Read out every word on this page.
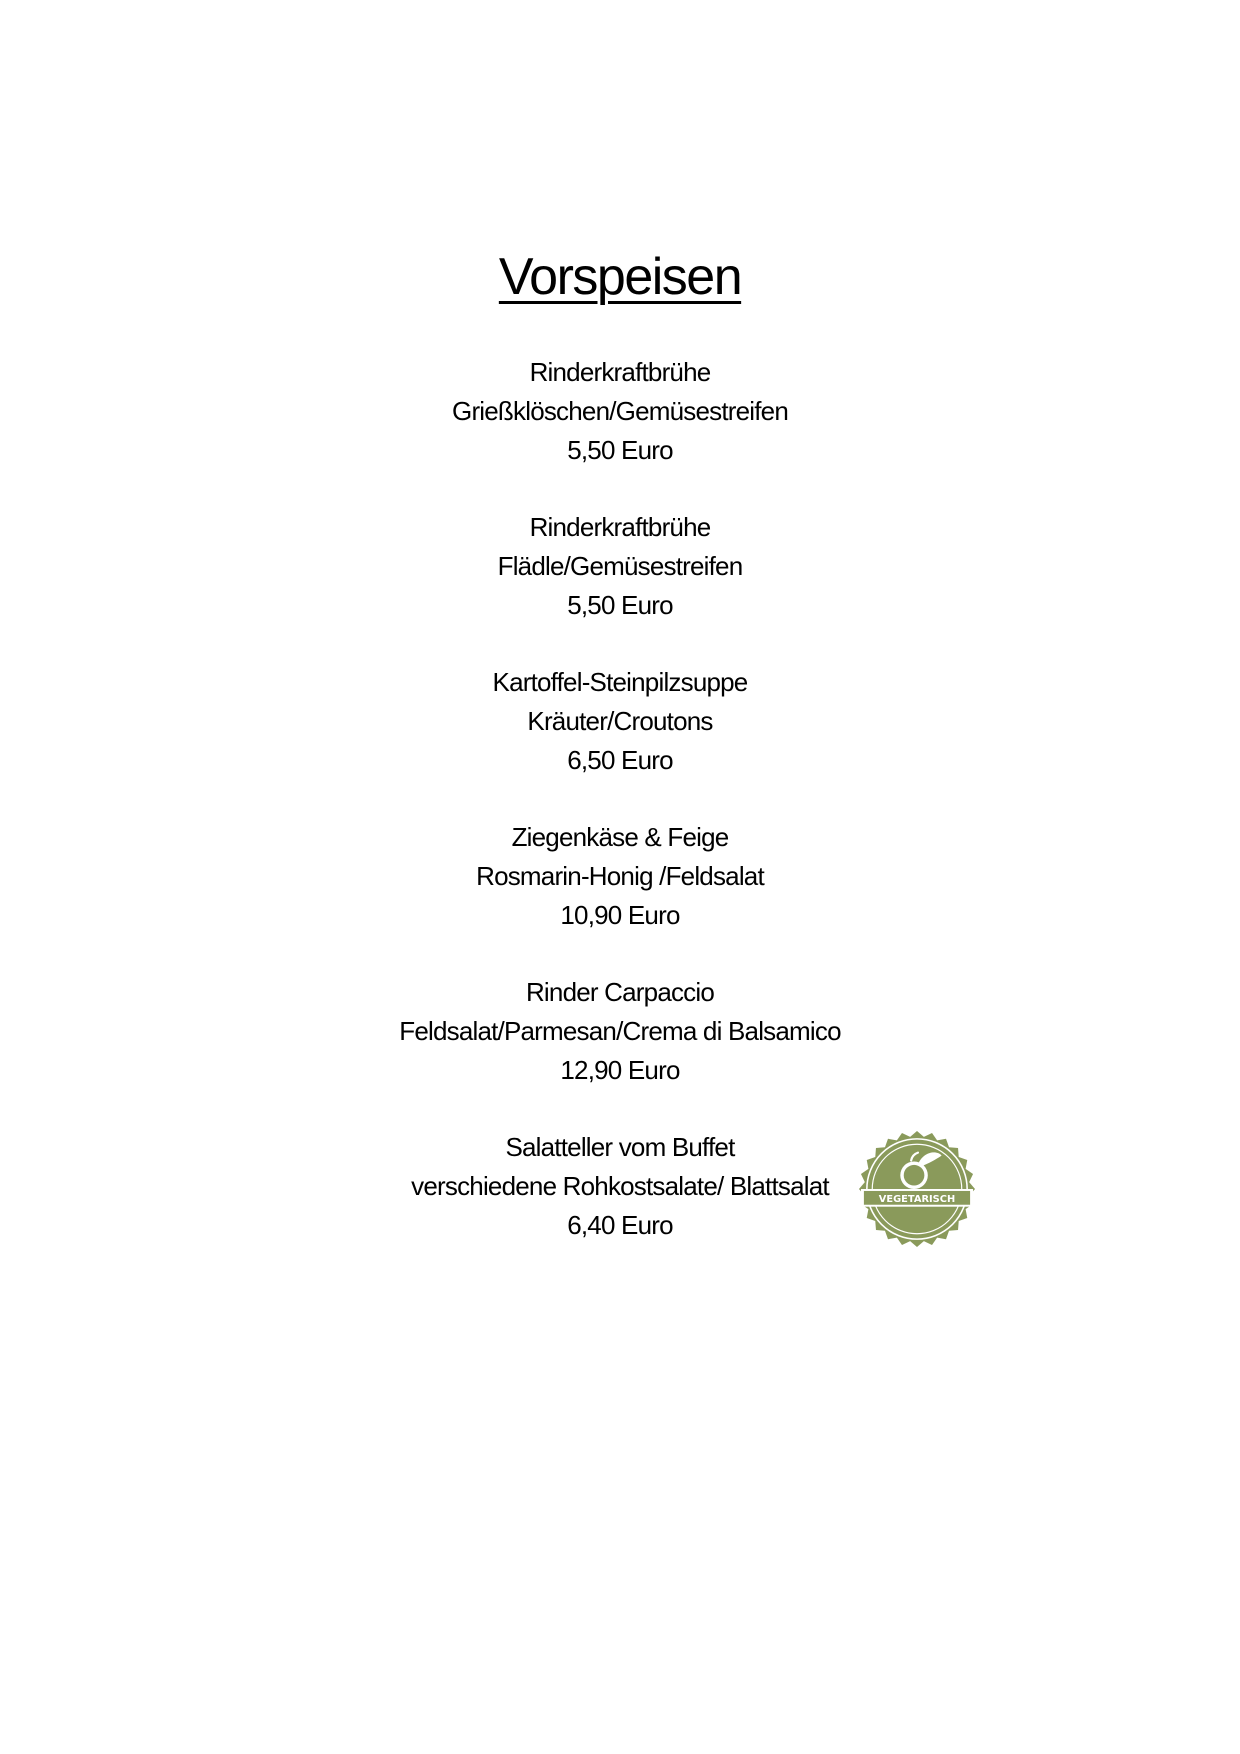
Vorspeisen
Rinderkraftbrühe
Grießklöschen/Gemüsestreifen
5,50 Euro
Rinderkraftbrühe
Flädle/Gemüsestreifen
5,50 Euro
Kartoffel-Steinpilzsuppe
Kräuter/Croutons
6,50 Euro
Ziegenkäse & Feige
Rosmarin-Honig /Feldsalat
10,90 Euro
Rinder Carpaccio
Feldsalat/Parmesan/Crema di Balsamico
12,90 Euro
Salatteller vom Buffet
verschiedene Rohkostsalate/ Blattsalat
6,40 Euro
VEGETARISCH
